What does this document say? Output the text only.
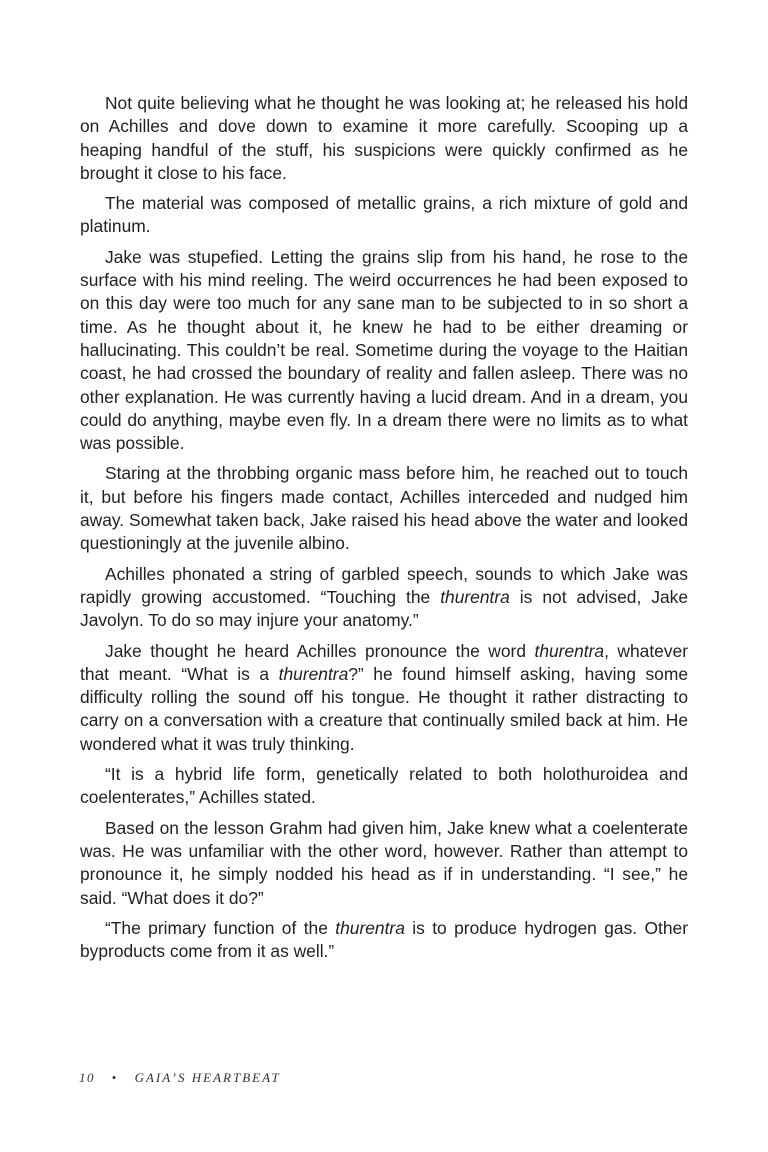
Not quite believing what he thought he was looking at; he released his hold on Achilles and dove down to examine it more carefully. Scooping up a heaping handful of the stuff, his suspicions were quickly confirmed as he brought it close to his face.

The material was composed of metallic grains, a rich mixture of gold and platinum.

Jake was stupefied. Letting the grains slip from his hand, he rose to the surface with his mind reeling. The weird occurrences he had been exposed to on this day were too much for any sane man to be subjected to in so short a time. As he thought about it, he knew he had to be either dreaming or hallucinating. This couldn’t be real. Sometime during the voyage to the Haitian coast, he had crossed the boundary of reality and fallen asleep. There was no other explanation. He was currently having a lucid dream. And in a dream, you could do anything, maybe even fly. In a dream there were no limits as to what was possible.

Staring at the throbbing organic mass before him, he reached out to touch it, but before his fingers made contact, Achilles interceded and nudged him away. Somewhat taken back, Jake raised his head above the water and looked questioningly at the juvenile albino.

Achilles phonated a string of garbled speech, sounds to which Jake was rapidly growing accustomed. “Touching the thurentra is not advised, Jake Javolyn. To do so may injure your anatomy.”

Jake thought he heard Achilles pronounce the word thurentra, whatever that meant. “What is a thurentra?” he found himself asking, having some difficulty rolling the sound off his tongue. He thought it rather distracting to carry on a conversation with a creature that continually smiled back at him. He wondered what it was truly thinking.

“It is a hybrid life form, genetically related to both holothuroidea and coelenterates,” Achilles stated.

Based on the lesson Grahm had given him, Jake knew what a coelenterate was. He was unfamiliar with the other word, however. Rather than attempt to pronounce it, he simply nodded his head as if in understanding. “I see,” he said. “What does it do?”

“The primary function of the thurentra is to produce hydrogen gas. Other byproducts come from it as well.”

10 • GAIA’S HEARTBEAT
